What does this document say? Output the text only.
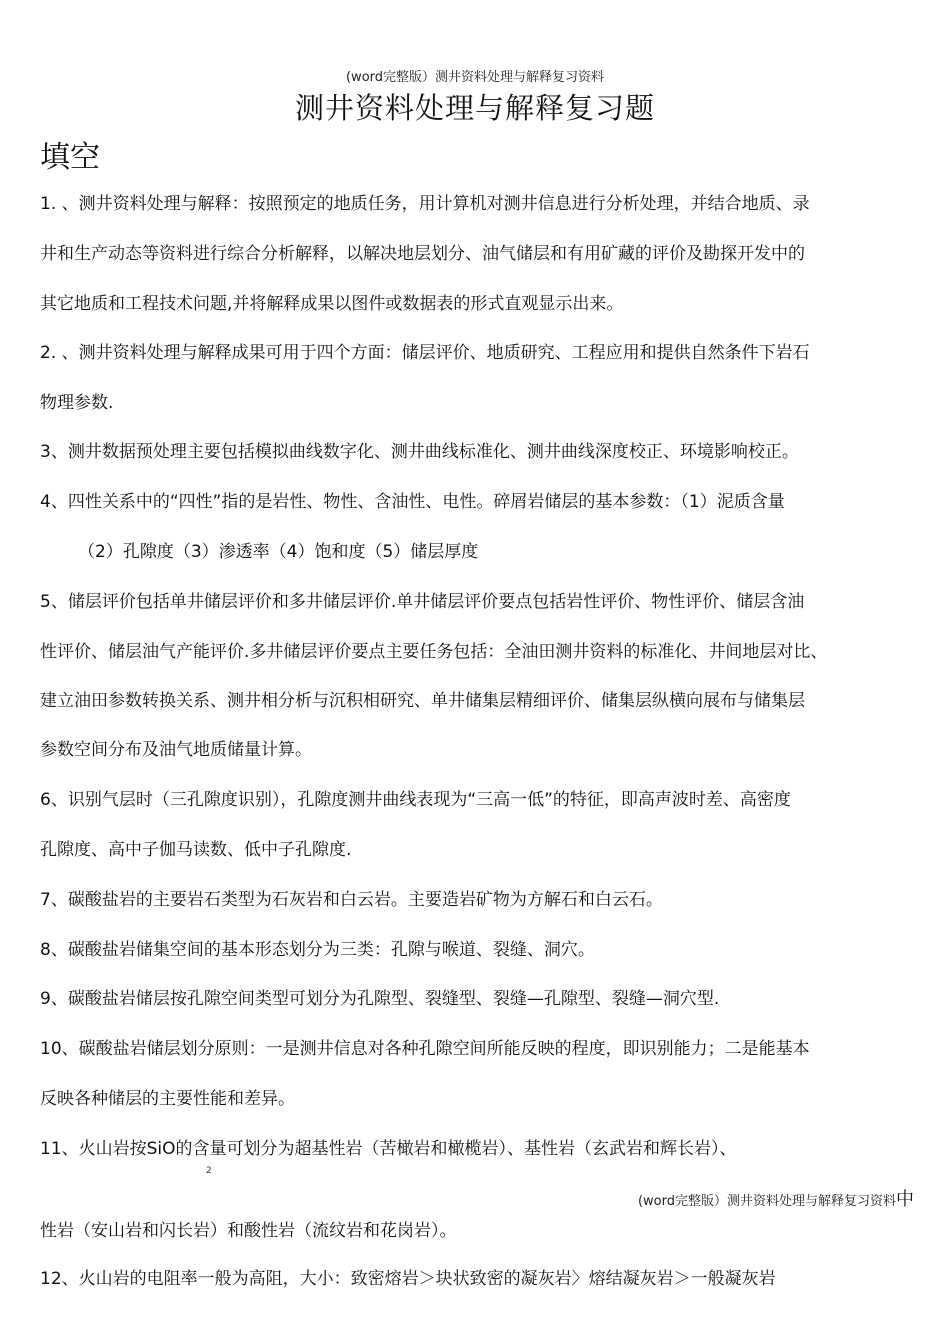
(word完整版）测井资料处理与解释复习资料
测井资料处理与解释复习题
填空
1. 、测井资料处理与解释：按照预定的地质任务，用计算机对测井信息进行分析处理，并结合地质、录
井和生产动态等资料进行综合分析解释，以解决地层划分、油气储层和有用矿藏的评价及勘探开发中的
其它地质和工程技术问题,并将解释成果以图件或数据表的形式直观显示出来。
2. 、测井资料处理与解释成果可用于四个方面：储层评价、地质研究、工程应用和提供自然条件下岩石
物理参数.
3、测井数据预处理主要包括模拟曲线数字化、测井曲线标准化、测井曲线深度校正、环境影响校正。
4、四性关系中的“四性”指的是岩性、物性、含油性、电性。碎屑岩储层的基本参数：（1）泥质含量
（2）孔隙度（3）渗透率（4）饱和度（5）储层厚度
5、储层评价包括单井储层评价和多井储层评价.单井储层评价要点包括岩性评价、物性评价、储层含油
性评价、储层油气产能评价.多井储层评价要点主要任务包括：全油田测井资料的标准化、井间地层对比、
建立油田参数转换关系、测井相分析与沉积相研究、单井储集层精细评价、储集层纵横向展布与储集层
参数空间分布及油气地质储量计算。
6、识别气层时（三孔隙度识别），孔隙度测井曲线表现为“三高一低”的特征，即高声波时差、高密度
孔隙度、高中子伽马读数、低中子孔隙度.
7、碳酸盐岩的主要岩石类型为石灰岩和白云岩。主要造岩矿物为方解石和白云石。
8、碳酸盐岩储集空间的基本形态划分为三类：孔隙与喉道、裂缝、洞穴。
9、碳酸盐岩储层按孔隙空间类型可划分为孔隙型、裂缝型、裂缝—孔隙型、裂缝—洞穴型.
10、碳酸盐岩储层划分原则：一是测井信息对各种孔隙空间所能反映的程度，即识别能力；二是能基本
反映各种储层的主要性能和差异。
11、火山岩按SiO的含量可划分为超基性岩（苦橄岩和橄榄岩）、基性岩（玄武岩和辉长岩）、
2
(word完整版）测井资料处理与解释复习资料中
性岩（安山岩和闪长岩）和酸性岩（流纹岩和花岗岩）。
12、火山岩的电阻率一般为高阻，大小：致密熔岩＞块状致密的凝灰岩〉熔结凝灰岩＞一般凝灰岩
